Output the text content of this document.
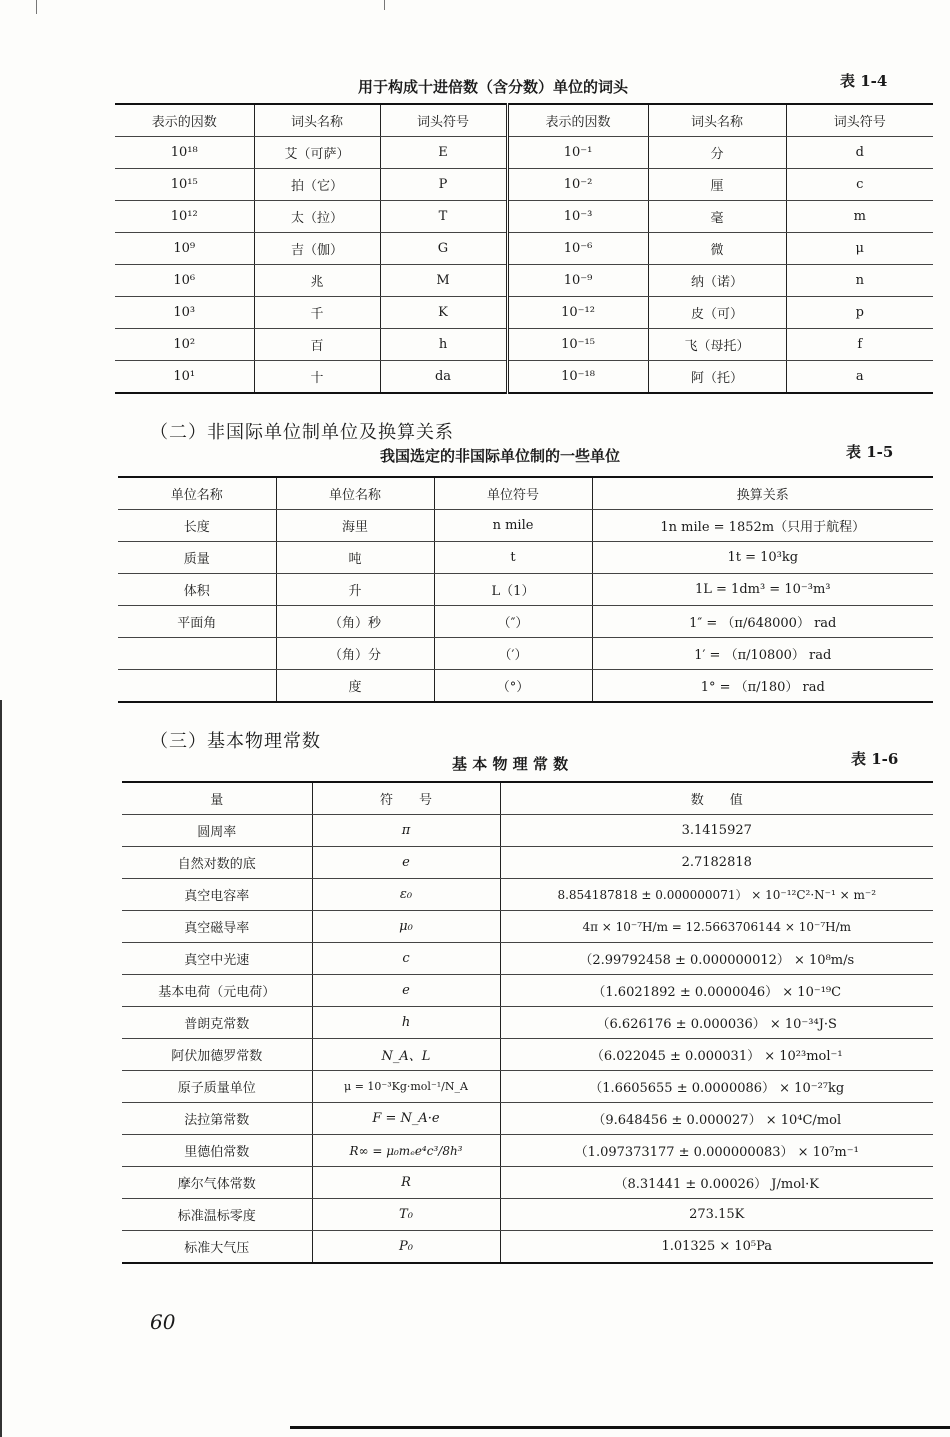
用于构成十进倍数（含分数）单位的词头	表 1-4
表示的因数	词头名称	词头符号	表示的因数	词头名称	词头符号
10¹⁸	艾（可萨）	E	10⁻¹	分	d
10¹⁵	拍（它）	P	10⁻²	厘	c
10¹²	太（拉）	T	10⁻³	毫	m
10⁹	吉（伽）	G	10⁻⁶	微	μ
10⁶	兆	M	10⁻⁹	纳（诺）	n
10³	千	K	10⁻¹²	皮（可）	p
10²	百	h	10⁻¹⁵	飞（母托）	f
10¹	十	da	10⁻¹⁸	阿（托）	a
（二）非国际单位制单位及换算关系
我国选定的非国际单位制的一些单位	表 1-5
单位名称	单位名称	单位符号	换算关系
长度	海里	n mile	1n mile = 1852m（只用于航程）
质量	吨	t	1t = 10³kg
体积	升	L（1）	1L = 1dm³ = 10⁻³m³
平面角	（角）秒	（″）	1″ = （π/648000） rad
	（角）分	（′）	1′ = （π/10800） rad
	度	（°）	1° = （π/180） rad
（三）基本物理常数
基 本 物 理 常 数	表 1-6
量	符　　号	数　　值
圆周率	π	3.1415927
自然对数的底	e	2.7182818
真空电容率	ε₀	8.854187818 ± 0.000000071） × 10⁻¹²C²·N⁻¹ × m⁻²
真空磁导率	μ₀	4π × 10⁻⁷H/m = 12.5663706144 × 10⁻⁷H/m
真空中光速	c	（2.99792458 ± 0.000000012） × 10⁸m/s
基本电荷（元电荷）	e	（1.6021892 ± 0.0000046） × 10⁻¹⁹C
普朗克常数	h	（6.626176 ± 0.000036） × 10⁻³⁴J·S
阿伏加德罗常数	N_A、L	（6.022045 ± 0.000031） × 10²³mol⁻¹
原子质量单位	μ = 10⁻³Kg·mol⁻¹/N_A	（1.6605655 ± 0.0000086） × 10⁻²⁷kg
法拉第常数	F = N_A·e	（9.648456 ± 0.000027） × 10⁴C/mol
里德伯常数	R∞ = μ₀mₑe⁴c³/8h³	（1.097373177 ± 0.000000083） × 10⁷m⁻¹
摩尔气体常数	R	（8.31441 ± 0.00026） J/mol·K
标准温标零度	T₀	273.15K
标准大气压	P₀	1.01325 × 10⁵Pa
60
